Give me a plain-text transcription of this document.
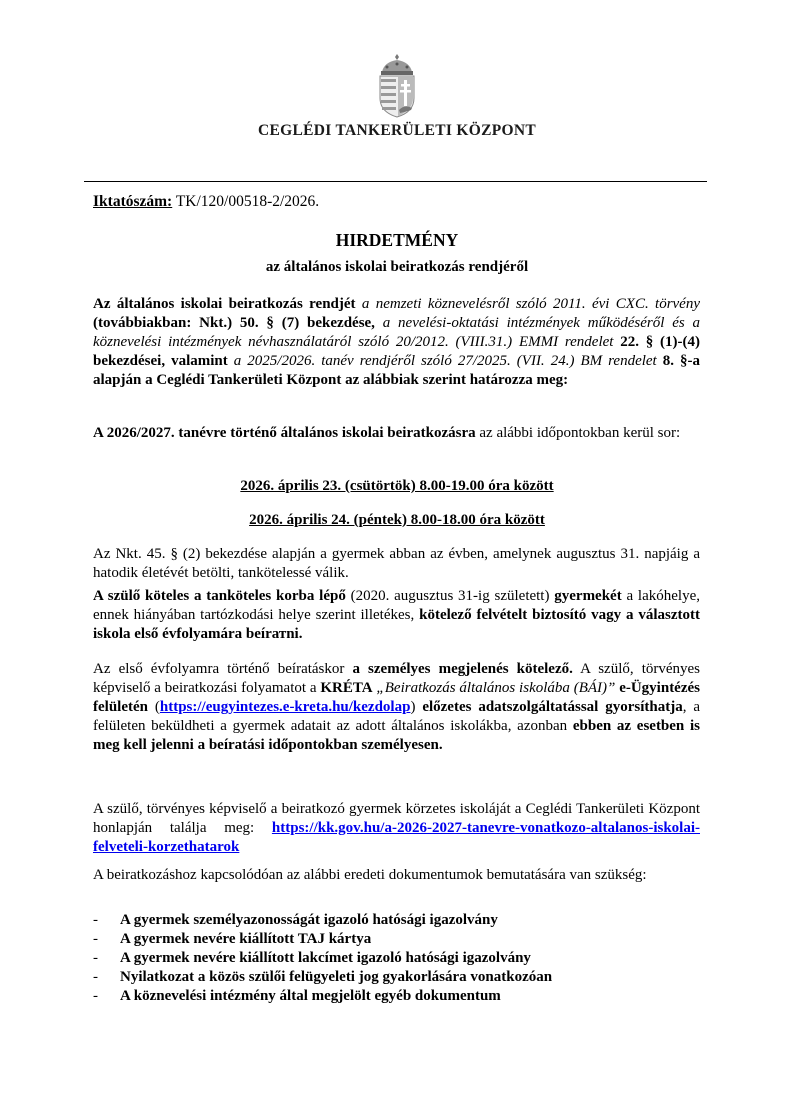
CEGLÉDI TANKERÜLETI KÖZPONT
Iktatószám: TK/120/00518-2/2026.
HIRDETMÉNY
az általános iskolai beiratkozás rendjéről
Az általános iskolai beiratkozás rendjét a nemzeti köznevelésről szóló 2011. évi CXC. törvény (továbbiakban: Nkt.) 50. § (7) bekezdése, a nevelési-oktatási intézmények működéséről és a köznevelési intézmények névhasználatáról szóló 20/2012. (VIII.31.) EMMI rendelet 22. § (1)-(4) bekezdései, valamint a 2025/2026. tanév rendjéről szóló 27/2025. (VII. 24.) BM rendelet 8. §-a alapján a Ceglédi Tankerületi Központ az alábbiak szerint határozza meg:
A 2026/2027. tanévre történő általános iskolai beiratkozásra az alábbi időpontokban kerül sor:
2026. április 23. (csütörtök) 8.00-19.00 óra között
2026. április 24. (péntek) 8.00-18.00 óra között
Az Nkt. 45. § (2) bekezdése alapján a gyermek abban az évben, amelynek augusztus 31. napjáig a hatodik életévét betölti, tankötelessé válik.
A szülő köteles a tanköteles korba lépő (2020. augusztus 31-ig született) gyermekét a lakóhelye, ennek hiányában tartózkodási helye szerint illetékes, kötelező felvételt biztosító vagy a választott iskola első évfolyamára beírатni.
Az első évfolyamra történő beíratáskor a személyes megjelenés kötelező. A szülő, törvényes képviselő a beiratkozási folyamatot a KRÉTA „Beiratkozás általános iskolába (BÁI)” e-Ügyintézés felületén (https://eugyintezes.e-kreta.hu/kezdolap) előzetes adatszolgáltatással gyorsíthatja, a felületen beküldheti a gyermek adatait az adott általános iskolákba, azonban ebben az esetben is meg kell jelenni a beíratási időpontokban személyesen.
A szülő, törvényes képviselő a beiratkozó gyermek körzetes iskoláját a Ceglédi Tankerületi Központ honlapján találja meg: https://kk.gov.hu/a-2026-2027-tanevre-vonatkozo-altalanos-iskolai-felveteli-korzethatarok
A beiratkozáshoz kapcsolódóan az alábbi eredeti dokumentumok bemutatására van szükség:
-	A gyermek személyazonosságát igazoló hatósági igazolvány
-	A gyermek nevére kiállított TAJ kártya
-	A gyermek nevére kiállított lakcímet igazoló hatósági igazolvány
-	Nyilatkozat a közös szülői felügyeleti jog gyakorlására vonatkozóan
-	A köznevelési intézmény által megjelölt egyéb dokumentum
